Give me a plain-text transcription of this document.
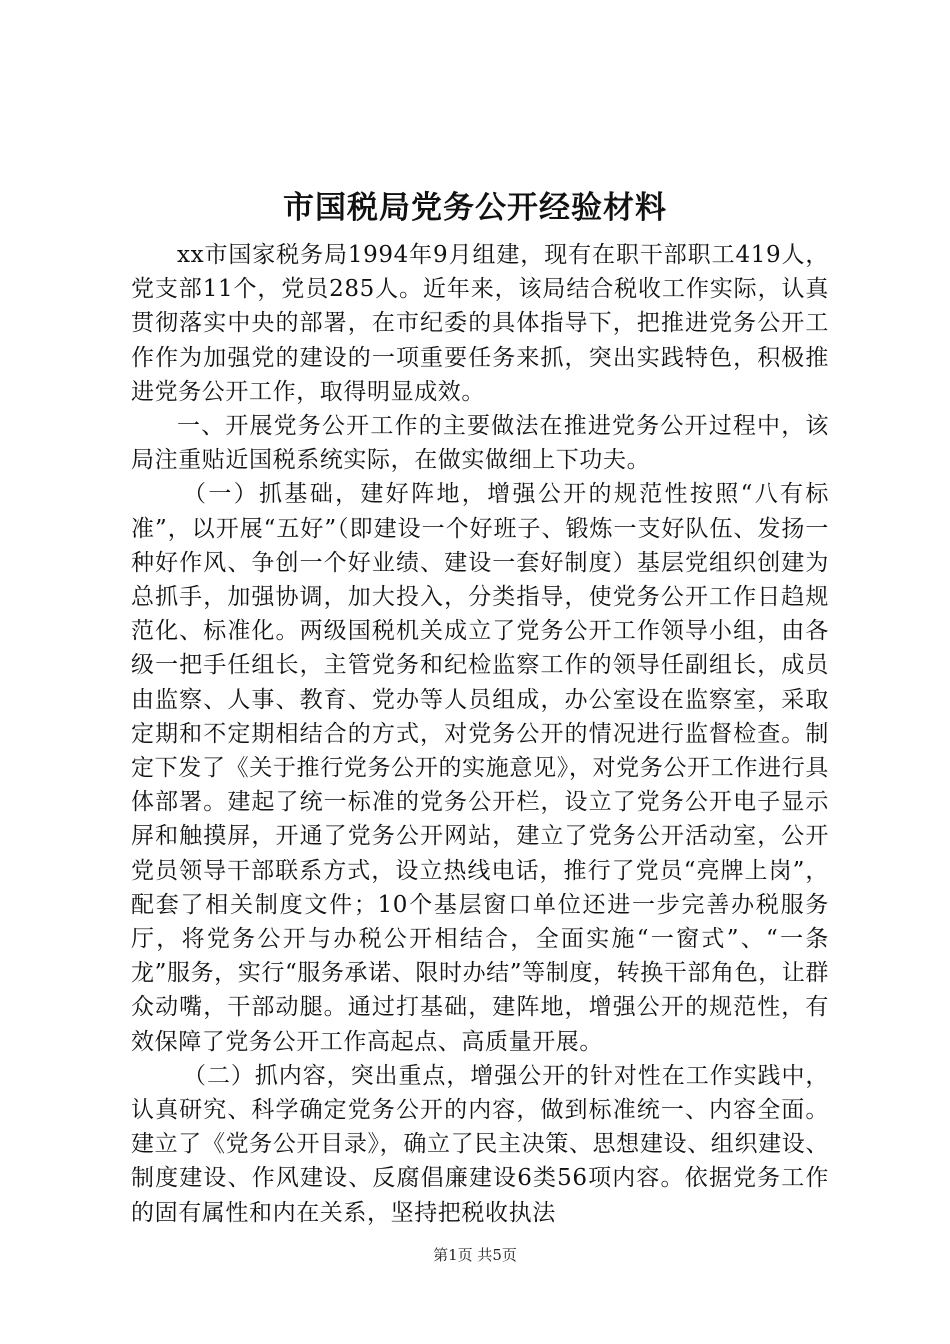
市国税局党务公开经验材料

xx市国家税务局1994年9月组建，现有在职干部职工419人，党支部11个，党员285人。近年来，该局结合税收工作实际，认真贯彻落实中央的部署，在市纪委的具体指导下，把推进党务公开工作作为加强党的建设的一项重要任务来抓，突出实践特色，积极推进党务公开工作，取得明显成效。

一、开展党务公开工作的主要做法在推进党务公开过程中，该局注重贴近国税系统实际，在做实做细上下功夫。

（一）抓基础，建好阵地，增强公开的规范性按照“八有标准”，以开展“五好”（即建设一个好班子、锻炼一支好队伍、发扬一种好作风、争创一个好业绩、建设一套好制度）基层党组织创建为总抓手，加强协调，加大投入，分类指导，使党务公开工作日趋规范化、标准化。两级国税机关成立了党务公开工作领导小组，由各级一把手任组长，主管党务和纪检监察工作的领导任副组长，成员由监察、人事、教育、党办等人员组成，办公室设在监察室，采取定期和不定期相结合的方式，对党务公开的情况进行监督检查。制定下发了《关于推行党务公开的实施意见》，对党务公开工作进行具体部署。建起了统一标准的党务公开栏，设立了党务公开电子显示屏和触摸屏，开通了党务公开网站，建立了党务公开活动室，公开党员领导干部联系方式，设立热线电话，推行了党员“亮牌上岗”，配套了相关制度文件；10个基层窗口单位还进一步完善办税服务厅，将党务公开与办税公开相结合，全面实施“一窗式”、“一条龙”服务，实行“服务承诺、限时办结”等制度，转换干部角色，让群众动嘴，干部动腿。通过打基础，建阵地，增强公开的规范性，有效保障了党务公开工作高起点、高质量开展。

（二）抓内容，突出重点，增强公开的针对性在工作实践中，认真研究、科学确定党务公开的内容，做到标准统一、内容全面。建立了《党务公开目录》，确立了民主决策、思想建设、组织建设、制度建设、作风建设、反腐倡廉建设6类56项内容。依据党务工作的固有属性和内在关系，坚持把税收执法

第1页 共5页
